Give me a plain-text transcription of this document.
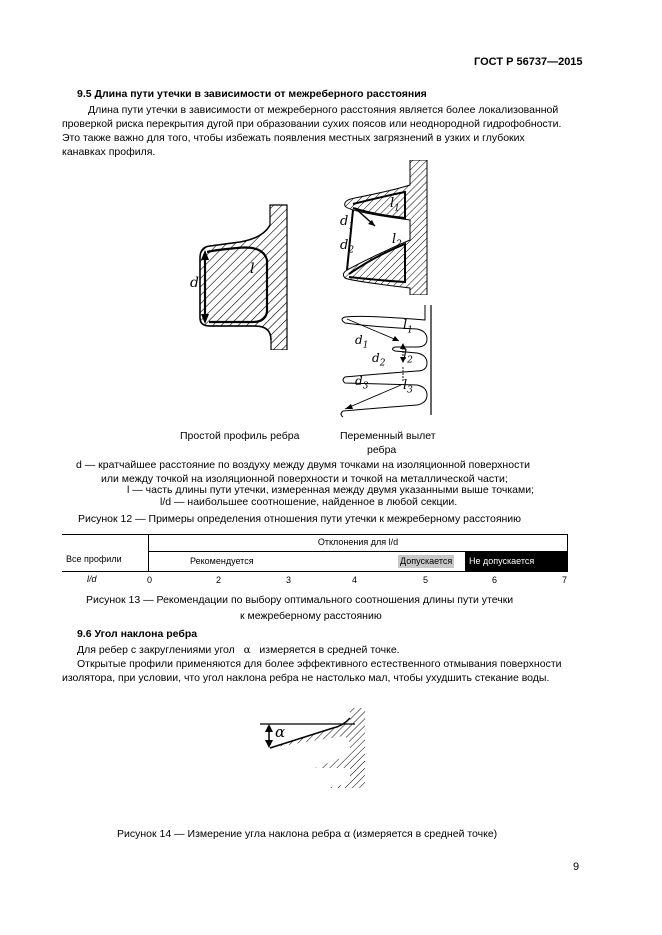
ГОСТ Р 56737—2015
9.5 Длина пути утечки в зависимости от межреберного расстояния
Длина пути утечки в зависимости от межреберного расстояния является более локализованной
проверкой риска перекрытия дугой при образовании сухих поясов или неоднородной гидрофобности.
Это также важно для того, чтобы избежать появления местных загрязнений в узких и глубоких
канавках профиля.
d
l
$l_1$
$l_2$
$d_1$
$d_2$
$l_1$
$l_2$
$l_3$
$d_1$
$d_2$
$d_3$
Простой профиль ребра	Переменный вылет
ребра
d — кратчайшее расстояние по воздуху между двумя точками на изоляционной поверхности
или между точкой на изоляционной поверхности и точкой на металлической части;
l — часть длины пути утечки, измеренная между двумя указанными выше точками;
l/d — наибольшее соотношение, найденное в любой секции.
Рисунок 12 — Примеры определения отношения пути утечки к межреберному расстоянию
Отклонения для l/d
Все профили	Рекомендуется	Допускается	Не допускается
l/d	0	2	3	4	5	6	7
Рисунок 13 — Рекомендации по выбору оптимального соотношения длины пути утечки
к межреберному расстоянию
9.6 Угол наклона ребра
Для ребер с закруглениями угол α измеряется в средней точке.
Открытые профили применяются для более эффективного естественного отмывания поверхности
изолятора, при условии, что угол наклона ребра не настолько мал, чтобы ухудшить стекание воды.
α
Рисунок 14 — Измерение угла наклона ребра α (измеряется в средней точке)
9
